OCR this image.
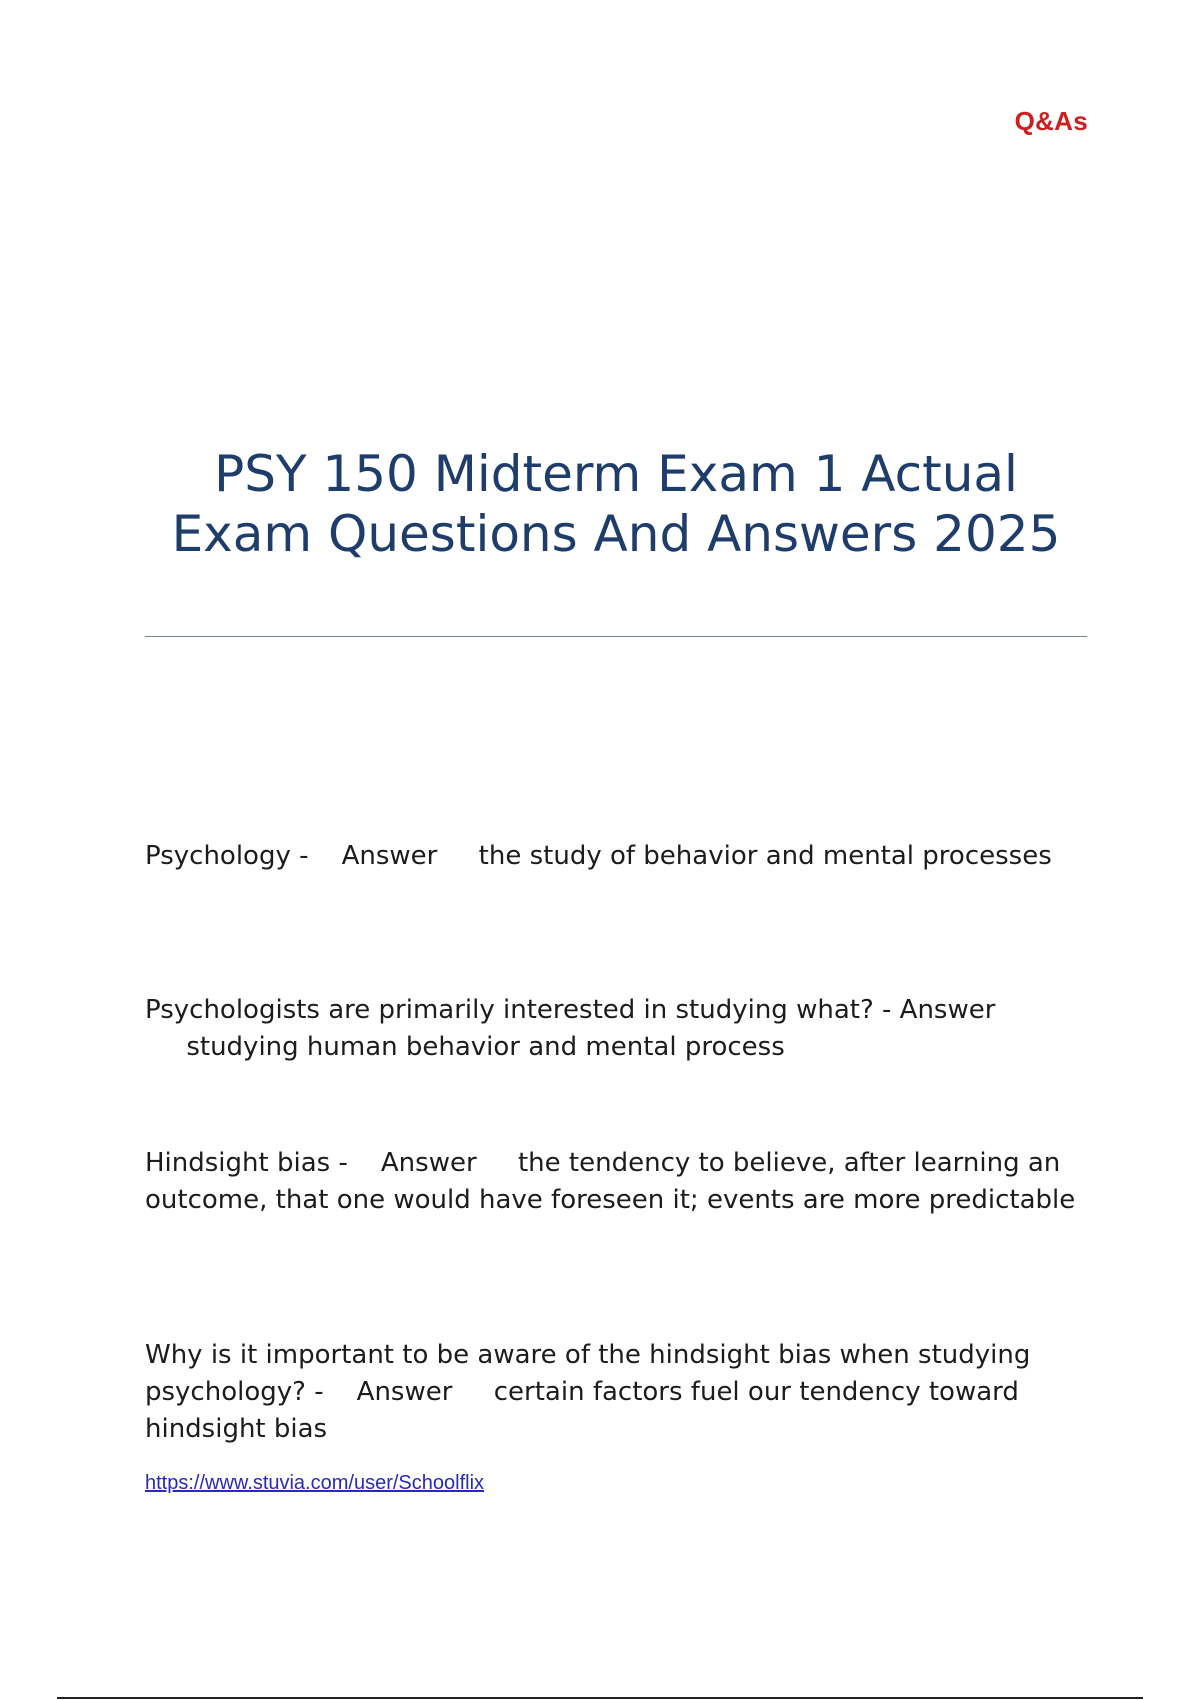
Q&As
PSY 150 Midterm Exam 1 Actual Exam Questions And Answers 2025

Psychology - Answer the study of behavior and mental processes

Psychologists are primarily interested in studying what? - Answer     studying human behavior and mental process

Hindsight bias - Answer the tendency to believe, after learning an outcome, that one would have foreseen it; events are more predictable

Why is it important to be aware of the hindsight bias when studying psychology? - Answer certain factors fuel our tendency toward hindsight bias

https://www.stuvia.com/user/Schoolflix
